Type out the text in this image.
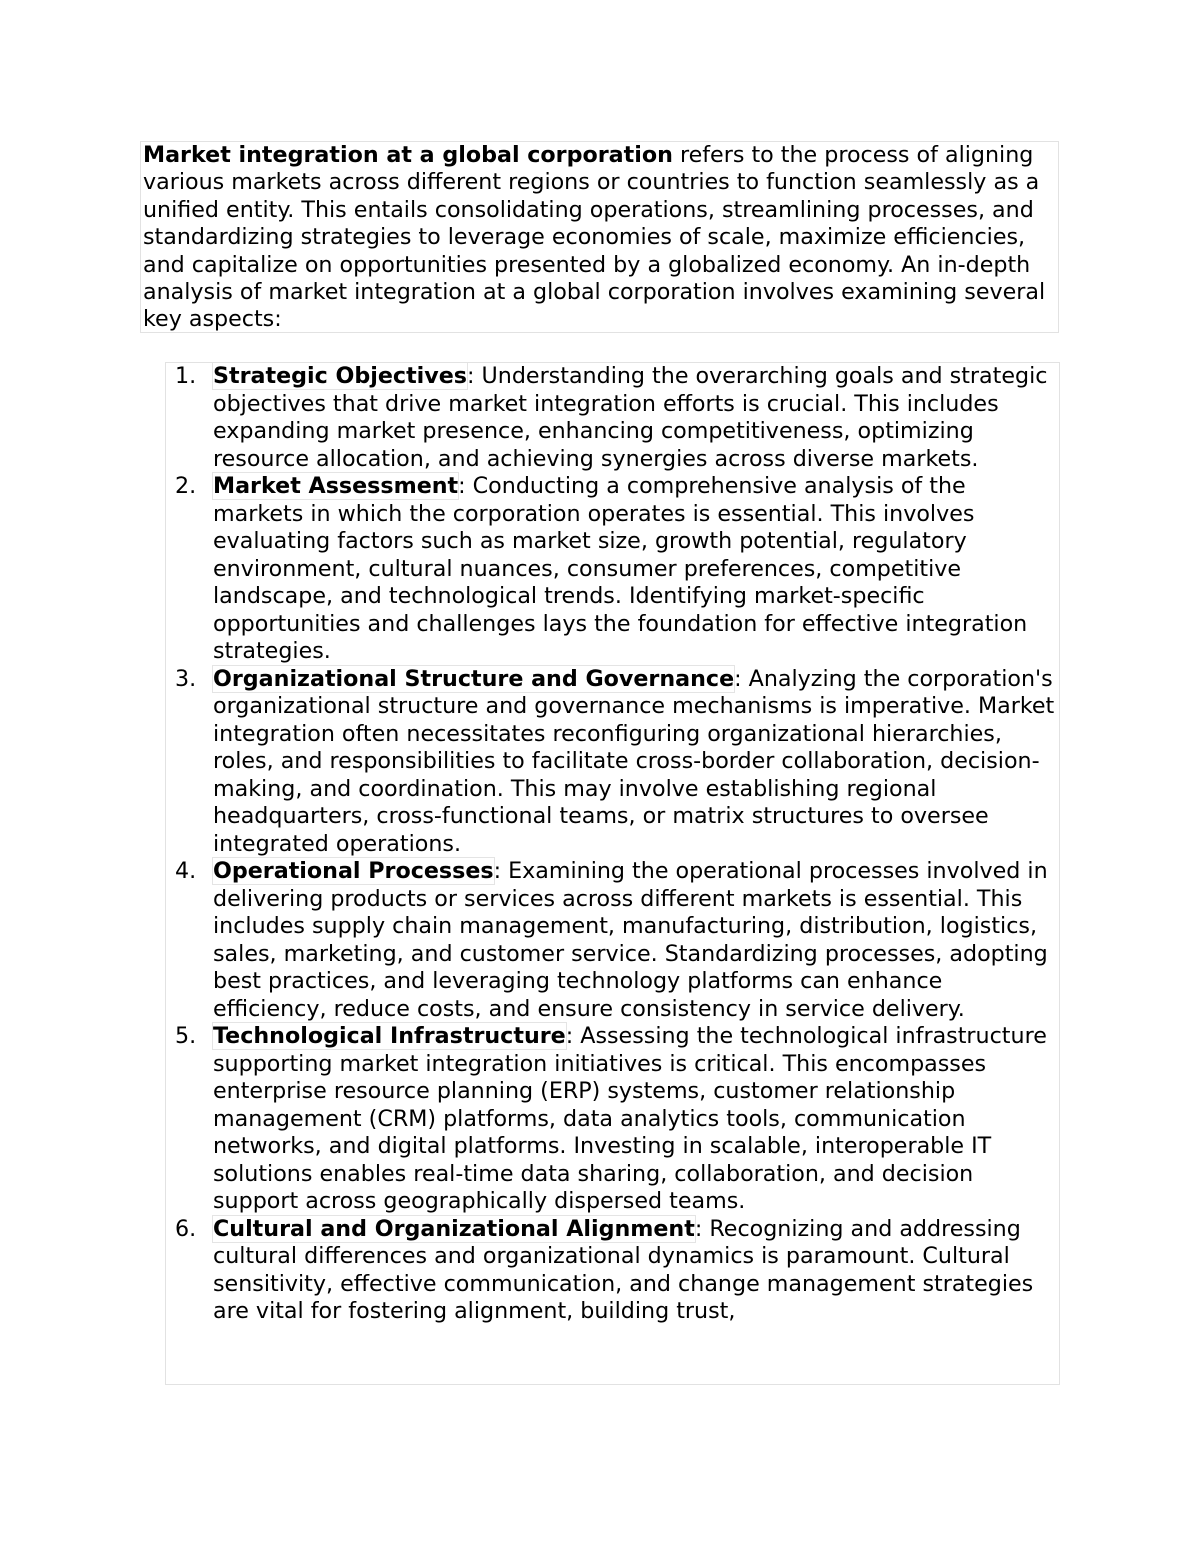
Market integration at a global corporation refers to the process of aligning various markets across different regions or countries to function seamlessly as a unified entity. This entails consolidating operations, streamlining processes, and standardizing strategies to leverage economies of scale, maximize efficiencies, and capitalize on opportunities presented by a globalized economy. An in-depth analysis of market integration at a global corporation involves examining several key aspects:

1. Strategic Objectives: Understanding the overarching goals and strategic objectives that drive market integration efforts is crucial. This includes expanding market presence, enhancing competitiveness, optimizing resource allocation, and achieving synergies across diverse markets.
2. Market Assessment: Conducting a comprehensive analysis of the markets in which the corporation operates is essential. This involves evaluating factors such as market size, growth potential, regulatory environment, cultural nuances, consumer preferences, competitive landscape, and technological trends. Identifying market-specific opportunities and challenges lays the foundation for effective integration strategies.
3. Organizational Structure and Governance: Analyzing the corporation's organizational structure and governance mechanisms is imperative. Market integration often necessitates reconfiguring organizational hierarchies, roles, and responsibilities to facilitate cross-border collaboration, decision-making, and coordination. This may involve establishing regional headquarters, cross-functional teams, or matrix structures to oversee integrated operations.
4. Operational Processes: Examining the operational processes involved in delivering products or services across different markets is essential. This includes supply chain management, manufacturing, distribution, logistics, sales, marketing, and customer service. Standardizing processes, adopting best practices, and leveraging technology platforms can enhance efficiency, reduce costs, and ensure consistency in service delivery.
5. Technological Infrastructure: Assessing the technological infrastructure supporting market integration initiatives is critical. This encompasses enterprise resource planning (ERP) systems, customer relationship management (CRM) platforms, data analytics tools, communication networks, and digital platforms. Investing in scalable, interoperable IT solutions enables real-time data sharing, collaboration, and decision support across geographically dispersed teams.
6. Cultural and Organizational Alignment: Recognizing and addressing cultural differences and organizational dynamics is paramount. Cultural sensitivity, effective communication, and change management strategies are vital for fostering alignment, building trust,
